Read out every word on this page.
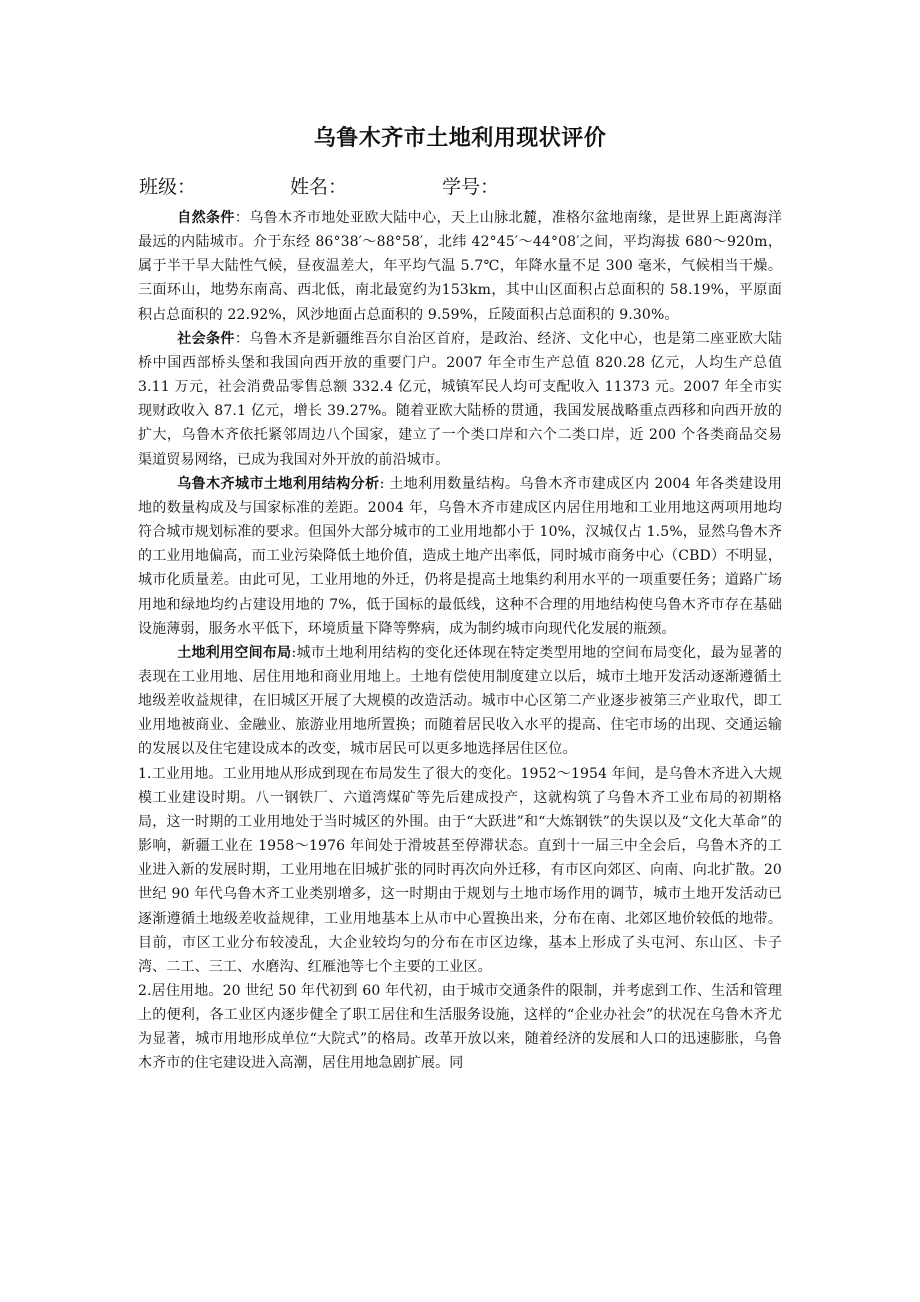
乌鲁木齐市土地利用现状评价
班级：	姓名：	学号：

自然条件：乌鲁木齐市地处亚欧大陆中心，天上山脉北麓，准格尔盆地南缘，是世界上距离海洋最远的内陆城市。介于东经 86°38′～88°58′，北纬 42°45′～44°08′之间，平均海拔 680～920m，属于半干旱大陆性气候，昼夜温差大，年平均气温 5.7℃，年降水量不足 300 毫米，气候相当干燥。三面环山，地势东南高、西北低，南北最宽约为153km，其中山区面积占总面积的 58.19%，平原面积占总面积的 22.92%，风沙地面占总面积的 9.59%，丘陵面积占总面积的 9.30%。

社会条件：乌鲁木齐是新疆维吾尔自治区首府，是政治、经济、文化中心，也是第二座亚欧大陆桥中国西部桥头堡和我国向西开放的重要门户。2007 年全市生产总值 820.28 亿元，人均生产总值 3.11 万元，社会消费品零售总额 332.4 亿元，城镇军民人均可支配收入 11373 元。2007 年全市实现财政收入 87.1 亿元，增长 39.27%。随着亚欧大陆桥的贯通，我国发展战略重点西移和向西开放的扩大，乌鲁木齐依托紧邻周边八个国家，建立了一个类口岸和六个二类口岸，近 200 个各类商品交易渠道贸易网络，已成为我国对外开放的前沿城市。

乌鲁木齐城市土地利用结构分析: 土地利用数量结构。乌鲁木齐市建成区内 2004 年各类建设用地的数量构成及与国家标准的差距。2004 年，乌鲁木齐市建成区内居住用地和工业用地这两项用地均符合城市规划标准的要求。但国外大部分城市的工业用地都小于 10%，汉城仅占 1.5%，显然乌鲁木齐的工业用地偏高，而工业污染降低土地价值，造成土地产出率低，同时城市商务中心（CBD）不明显，城市化质量差。由此可见，工业用地的外迁，仍将是提高土地集约利用水平的一项重要任务；道路广场用地和绿地均约占建设用地的 7%，低于国标的最低线，这种不合理的用地结构使乌鲁木齐市存在基础设施薄弱，服务水平低下，环境质量下降等弊病，成为制约城市向现代化发展的瓶颈。

土地利用空间布局:城市土地利用结构的变化还体现在特定类型用地的空间布局变化，最为显著的表现在工业用地、居住用地和商业用地上。土地有偿使用制度建立以后，城市土地开发活动逐渐遵循土地级差收益规律，在旧城区开展了大规模的改造活动。城市中心区第二产业逐步被第三产业取代，即工业用地被商业、金融业、旅游业用地所置换；而随着居民收入水平的提高、住宅市场的出现、交通运输的发展以及住宅建设成本的改变，城市居民可以更多地选择居住区位。

1.工业用地。工业用地从形成到现在布局发生了很大的变化。1952～1954 年间，是乌鲁木齐进入大规模工业建设时期。八一钢铁厂、六道湾煤矿等先后建成投产，这就构筑了乌鲁木齐工业布局的初期格局，这一时期的工业用地处于当时城区的外围。由于“大跃进”和“大炼钢铁”的失误以及“文化大革命”的影响，新疆工业在 1958～1976 年间处于滑坡甚至停滞状态。直到十一届三中全会后，乌鲁木齐的工业进入新的发展时期，工业用地在旧城扩张的同时再次向外迁移，有市区向郊区、向南、向北扩散。20 世纪 90 年代乌鲁木齐工业类别增多，这一时期由于规划与土地市场作用的调节，城市土地开发活动已逐渐遵循土地级差收益规律，工业用地基本上从市中心置换出来，分布在南、北郊区地价较低的地带。目前，市区工业分布较凌乱，大企业较均匀的分布在市区边缘，基本上形成了头屯河、东山区、卡子湾、二工、三工、水磨沟、红雁池等七个主要的工业区。

2.居住用地。20 世纪 50 年代初到 60 年代初，由于城市交通条件的限制，并考虑到工作、生活和管理上的便利，各工业区内逐步健全了职工居住和生活服务设施，这样的“企业办社会”的状况在乌鲁木齐尤为显著，城市用地形成单位“大院式”的格局。改革开放以来，随着经济的发展和人口的迅速膨胀，乌鲁木齐市的住宅建设进入高潮，居住用地急剧扩展。同
